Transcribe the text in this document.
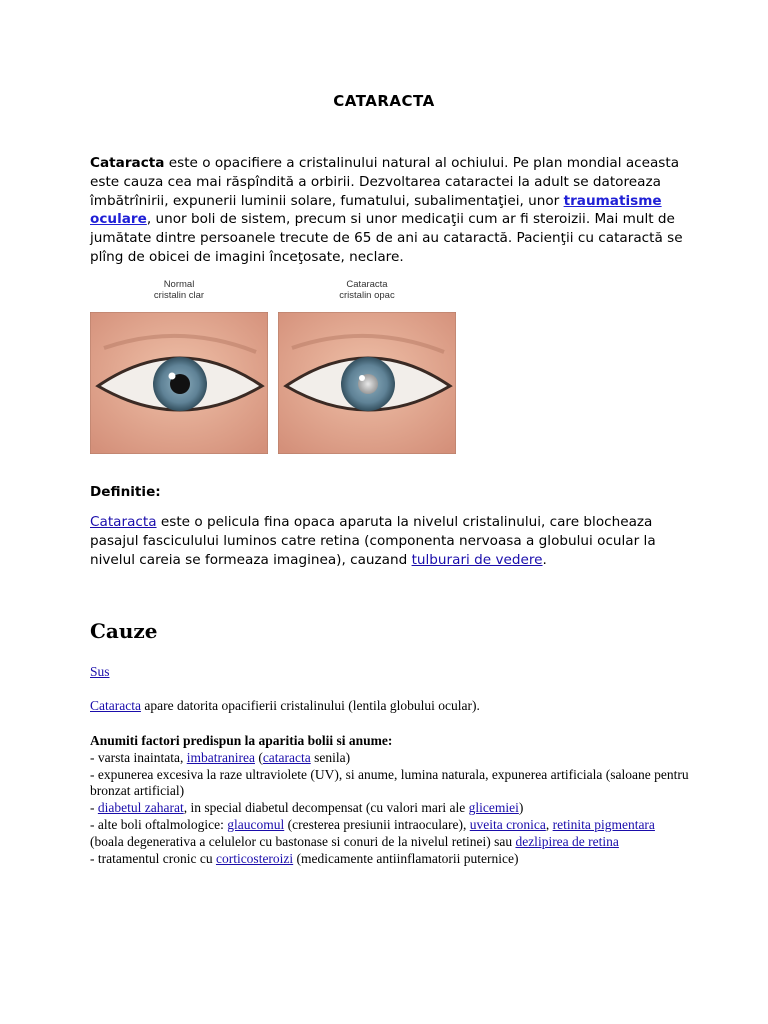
CATARACTA

Cataracta este o opacifiere a cristalinului natural al ochiului. Pe plan mondial aceasta este cauza cea mai răspîndită a orbirii. Dezvoltarea cataractei la adult se datoreaza îmbătrînirii, expunerii luminii solare, fumatului, subalimentaţiei, unor traumatisme oculare, unor boli de sistem, precum si unor medicaţii cum ar fi steroizii. Mai mult de jumătate dintre persoanele trecute de 65 de ani au cataractă. Pacienţii cu cataractă se plîng de obicei de imagini înceţosate, neclare.

Normal
cristalin clar
Cataracta
cristalin opac

Definitie:

Cataracta este o pelicula fina opaca aparuta la nivelul cristalinului, care blocheaza pasajul fasciculului luminos catre retina (componenta nervoasa a globului ocular la nivelul careia se formeaza imaginea), cauzand tulburari de vedere.

Cauze
Sus

Cataracta apare datorita opacifierii cristalinului (lentila globului ocular).

Anumiti factori predispun la aparitia bolii si anume:
- varsta inaintata, imbatranirea (cataracta senila)
- expunerea excesiva la raze ultraviolete (UV), si anume, lumina naturala, expunerea artificiala (saloane pentru bronzat artificial)
- diabetul zaharat, in special diabetul decompensat (cu valori mari ale glicemiei)
- alte boli oftalmologice: glaucomul (cresterea presiunii intraoculare), uveita cronica, retinita pigmentara (boala degenerativa a celulelor cu bastonase si conuri de la nivelul retinei) sau dezlipirea de retina
- tratamentul cronic cu corticosteroizi (medicamente antiinflamatorii puternice)
